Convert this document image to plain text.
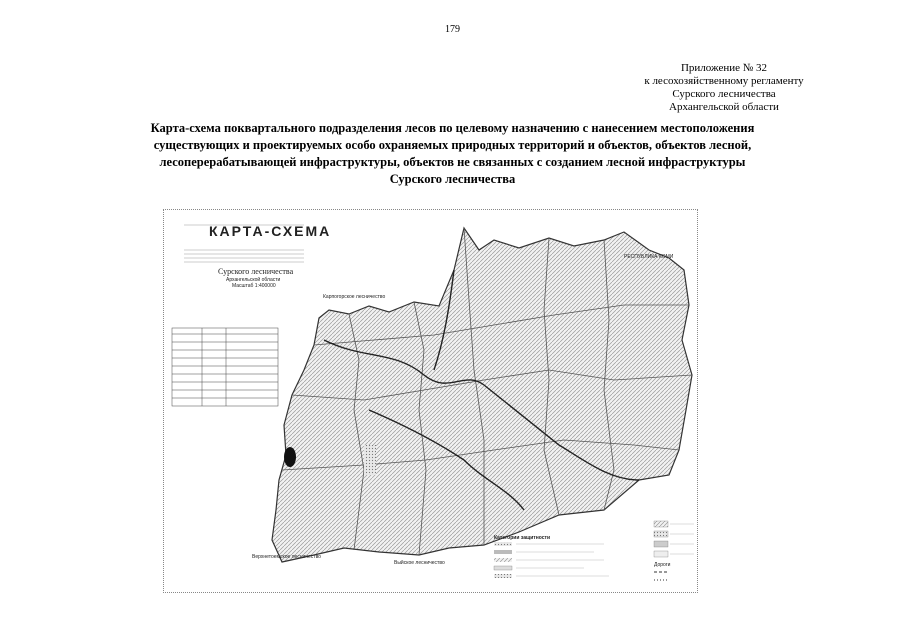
179
Приложение № 32
к лесохозяйственному регламенту
Сурского лесничества
Архангельской области
Карта-схема поквартального подразделения лесов по целевому назначению с нанесением местоположения
существующих и проектируемых особо охраняемых природных территорий и объектов, объектов лесной,
лесоперерабатывающей инфраструктуры, объектов не связанных с созданием лесной инфраструктуры
Сурского лесничества
КАРТА-СХЕМА
Сурского лесничества
Архангельской области
Масштаб 1:400000
Карпогорское лесничество
РЕСПУБЛИКА КОМИ
Верхнетоемское лесничество
Выйское лесничество
Категории защитности
Дороги
